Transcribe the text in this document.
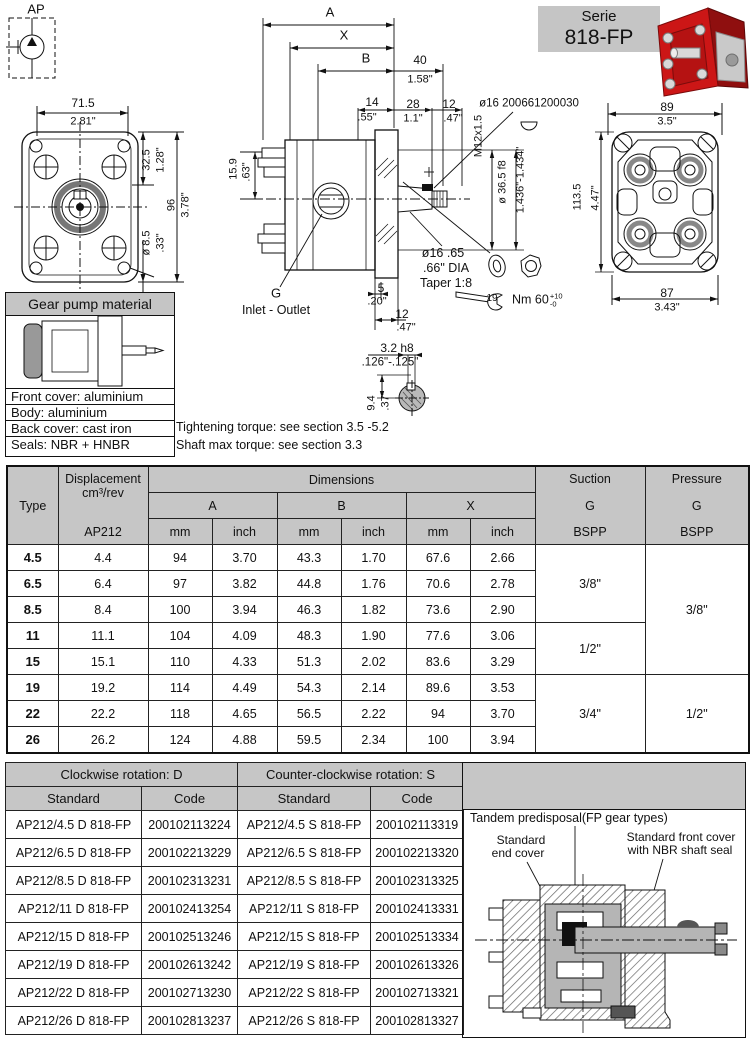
AP
71.5
2.81"
32.5 1.28"
96 3.78"
ø 8.5 .33"
A
X
B	40
1.58"
14
.55"
28
1.1"
12
.47"
ø16 200661200030
M12x1.5
ø 36.5 f8 1.436"-1.434"
15.9 .63"
G
Inlet - Outlet
5
.20"
12
.47"
ø16 .65
.66" DIA
Taper 1:8
19 Nm 60 +10
-0
3.2 h8
.126"-.125"
9.4 .37"
89
3.5"
113.5 4.47"
87
3.43"
Serie
818-FP
Gear pump material
Front cover: aluminium
Body: aluminium
Back cover: cast iron
Seals: NBR + HNBR
Tightening torque: see section 3.5 -5.2
Shaft max torque: see section 3.3
Type	
Displacement
cm³/rev
AP212
	Dimensions	Suction
G
BSPP

Pressure
G
BSPP

		A		B		X			
		mm	inch	mm	inch	mm	inch		
4.5	4.4	94	3.70	43.3	1.70	67.6	2.66	3/8"	3/8"
6.5	6.4	97	3.82	44.8	1.76	70.6	2.78		
8.5	8.4	100	3.94	46.3	1.82	73.6	2.90		
11	11.1	104	4.09	48.3	1.90	77.6	3.06	1/2"	
15	15.1	110	4.33	51.3	2.02	83.6	3.29		
19	19.2	114	4.49	54.3	2.14	89.6	3.53	3/4"	1/2"
22	22.2	118	4.65	56.5	2.22	94	3.70		
26	26.2	124	4.88	59.5	2.34	100	3.94		
Clockwise rotation: D		Counter-clockwise rotation: S	
Standard	Code	Standard	Code
AP212/4.5 D 818-FP	200102113224	AP212/4.5 S 818-FP	200102113319
AP212/6.5 D 818-FP	200102213229	AP212/6.5 S 818-FP	200102213320
AP212/8.5 D 818-FP	200102313231	AP212/8.5 S 818-FP	200102313325
AP212/11 D 818-FP	200102413254	AP212/11 S 818-FP	200102413331
AP212/15 D 818-FP	200102513246	AP212/15 S 818-FP	200102513334
AP212/19 D 818-FP	200102613242	AP212/19 S 818-FP	200102613326
AP212/22 D 818-FP	200102713230	AP212/22 S 818-FP	200102713321
AP212/26 D 818-FP	200102813237	AP212/26 S 818-FP	200102813327
Tandem predisposal(FP gear types)
Standard
end cover
Standard front cover
with NBR shaft seal
